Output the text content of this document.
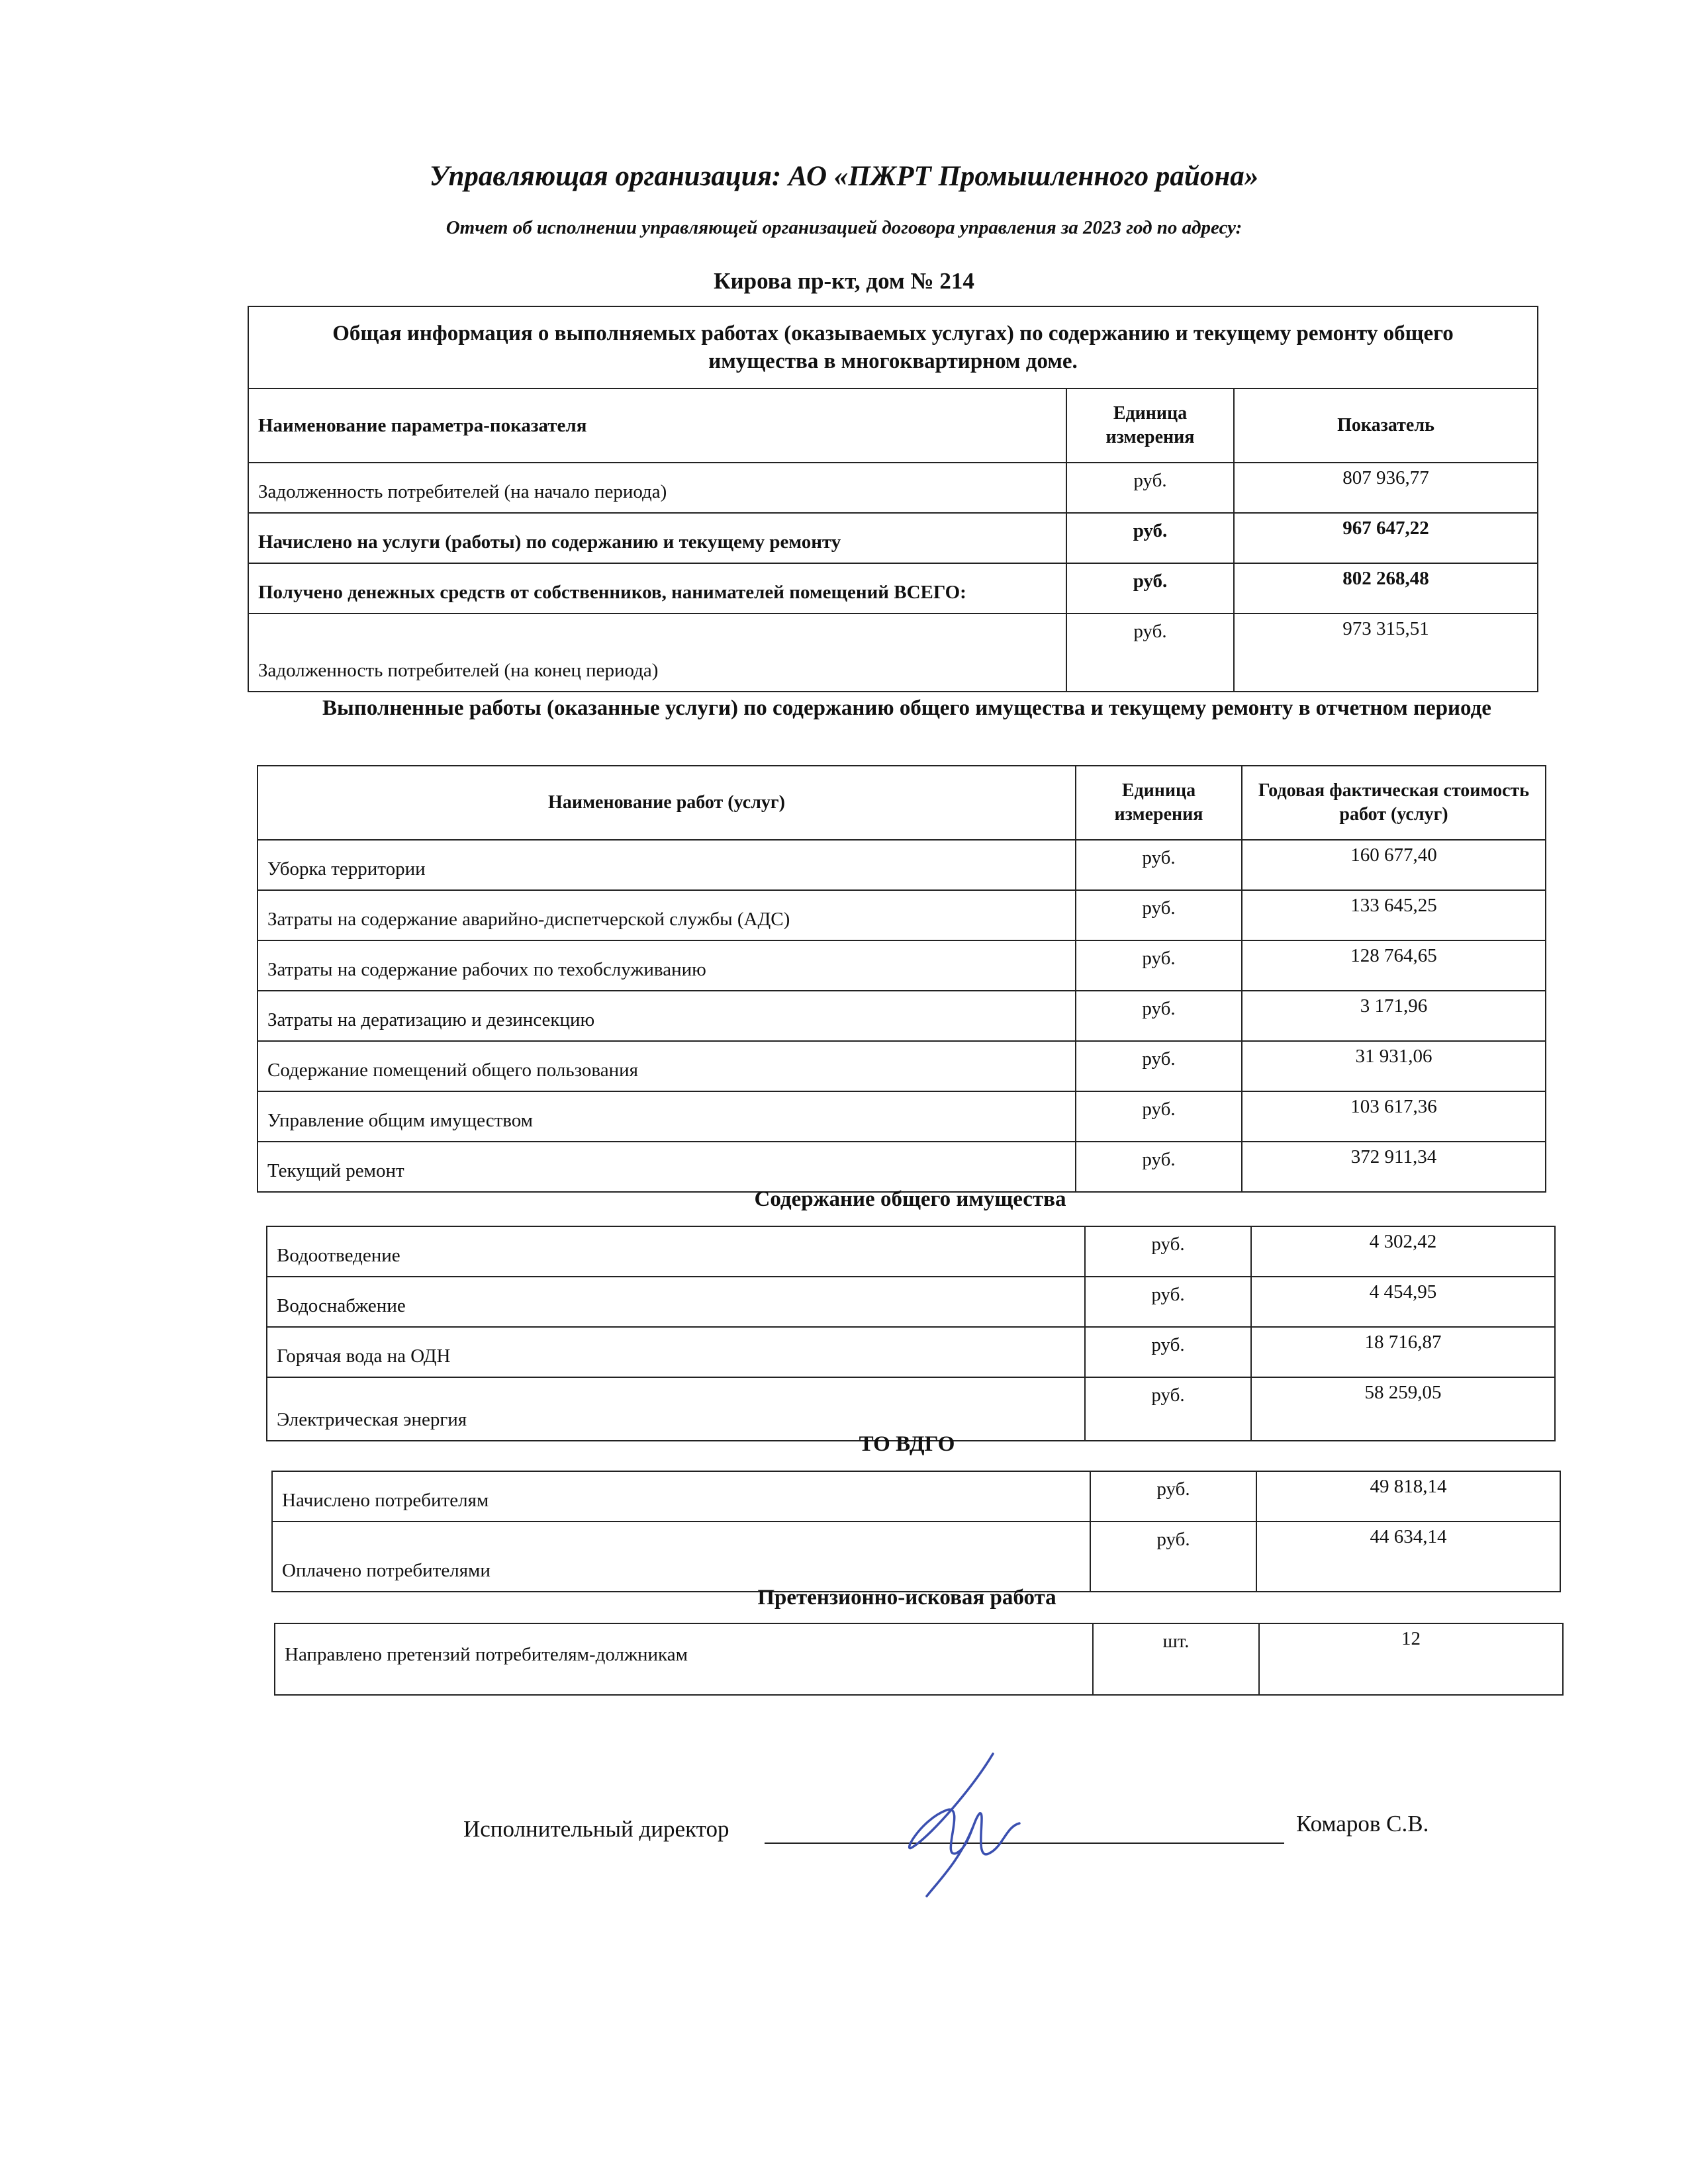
Управляющая организация: АО «ПЖРТ Промышленного района»
Отчет об исполнении управляющей организацией договора управления за 2023 год по адресу:
Кирова пр-кт, дом № 214
Общая информация о выполняемых работах (оказываемых услугах) по содержанию и текущему ремонту общего имущества в многоквартирном доме.		
Наименование параметра-показателя	Единица измерения	Показатель
Задолженность потребителей (на начало периода)	руб.	807 936,77
Начислено на услуги (работы) по содержанию и текущему ремонту	руб.	967 647,22
Получено денежных средств от собственников, нанимателей помещений ВСЕГО:	руб.	802 268,48
Задолженность потребителей (на конец периода)	руб.	973 315,51
Выполненные работы (оказанные услуги) по содержанию общего имущества и текущему ремонту в отчетном периоде
Наименование работ (услуг)	Единица измерения	Годовая фактическая стоимость работ (услуг)
Уборка территории	руб.	160 677,40
Затраты на содержание аварийно-диспетчерской службы (АДС)	руб.	133 645,25
Затраты на содержание рабочих по техобслуживанию	руб.	128 764,65
Затраты на дератизацию и дезинсекцию	руб.	3 171,96
Содержание помещений общего пользования	руб.	31 931,06
Управление общим имуществом	руб.	103 617,36
Текущий ремонт	руб.	372 911,34
Содержание общего имущества
Водоотведение	руб.	4 302,42
Водоснабжение	руб.	4 454,95
Горячая вода на ОДН	руб.	18 716,87
Электрическая энергия	руб.	58 259,05
ТО ВДГО
Начислено потребителям	руб.	49 818,14
Оплачено потребителями	руб.	44 634,14
Претензионно-исковая работа
Направлено претензий потребителям-должникам	шт.	12
Исполнительный директор	Комаров С.В.
